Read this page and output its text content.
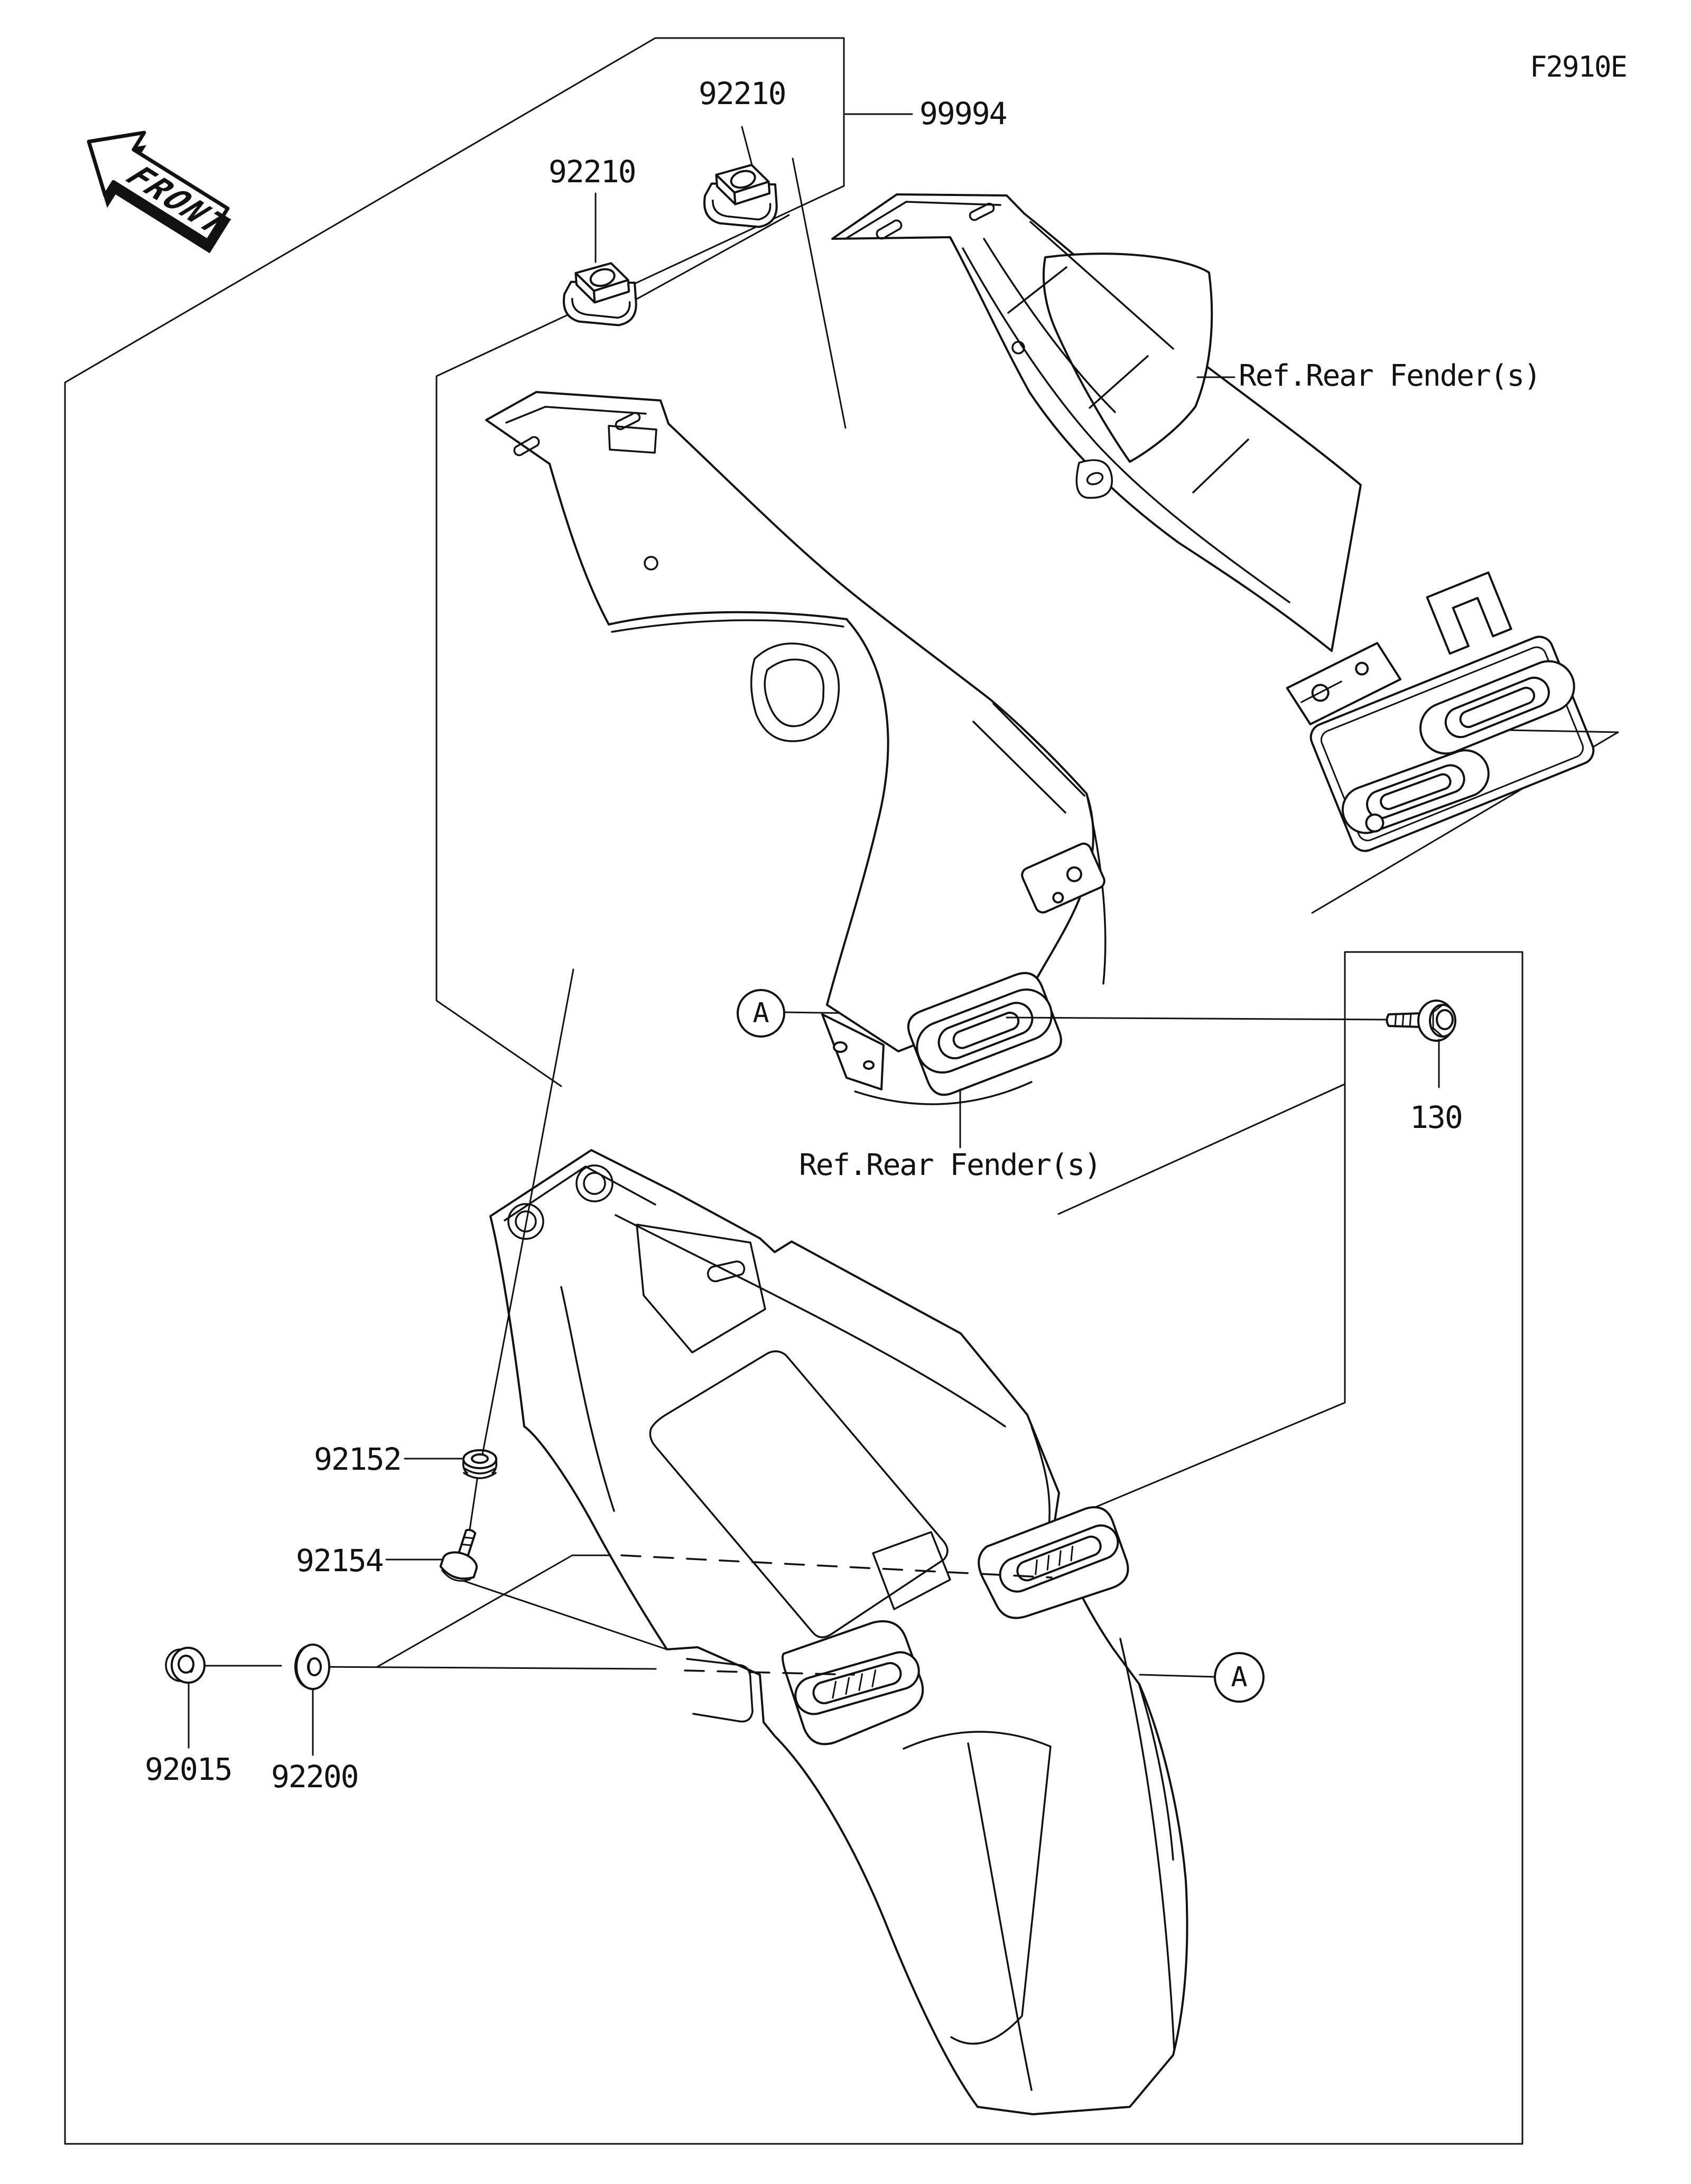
FRONT
F2910E
92210
92210
99994
Ref.Rear Fender(s)
Ref.Rear Fender(s)
130
92152
92154
92015 92200
A
A
